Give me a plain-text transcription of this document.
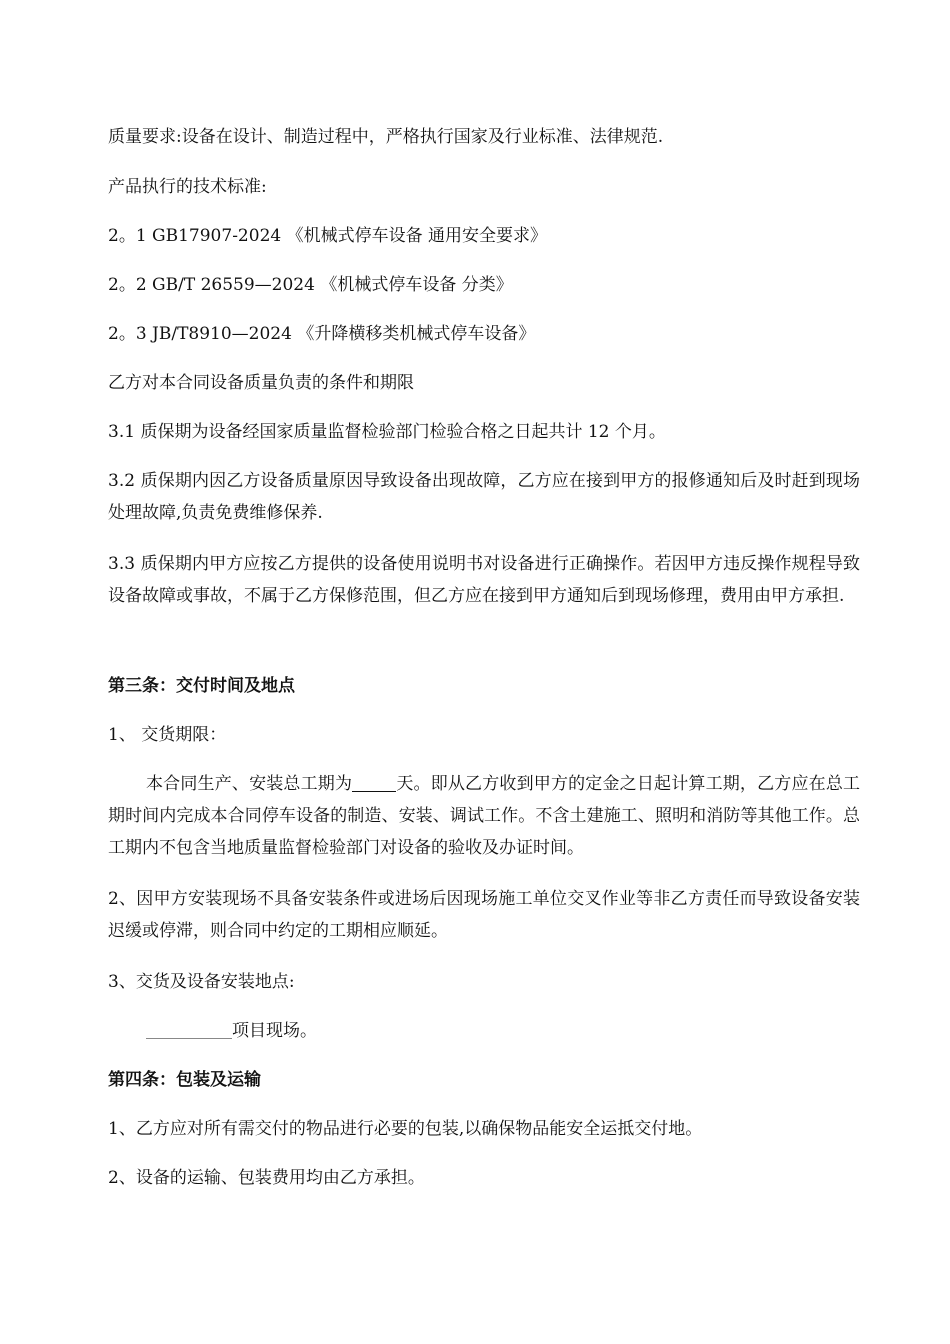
质量要求:设备在设计、制造过程中，严格执行国家及行业标准、法律规范.
产品执行的技术标准:
2。1 GB17907-2024 《机械式停车设备 通用安全要求》
2。2 GB/T 26559—2024 《机械式停车设备 分类》
2。3 JB/T8910—2024 《升降横移类机械式停车设备》
乙方对本合同设备质量负责的条件和期限
3.1 质保期为设备经国家质量监督检验部门检验合格之日起共计 12 个月。
3.2 质保期内因乙方设备质量原因导致设备出现故障，乙方应在接到甲方的报修通知后及时赶到现场处理故障,负责免费维修保养.
3.3 质保期内甲方应按乙方提供的设备使用说明书对设备进行正确操作。若因甲方违反操作规程导致设备故障或事故，不属于乙方保修范围，但乙方应在接到甲方通知后到现场修理，费用由甲方承担.
第三条：交付时间及地点
1、 交货期限：
本合同生产、安装总工期为	天。即从乙方收到甲方的定金之日起计算工期，乙方应在总工期时间内完成本合同停车设备的制造、安装、调试工作。不含土建施工、照明和消防等其他工作。总工期内不包含当地质量监督检验部门对设备的验收及办证时间。
2、因甲方安装现场不具备安装条件或进场后因现场施工单位交叉作业等非乙方责任而导致设备安装迟缓或停滞，则合同中约定的工期相应顺延。
3、交货及设备安装地点:
项目现场。
第四条：包装及运输
1、乙方应对所有需交付的物品进行必要的包装,以确保物品能安全运抵交付地。
2、设备的运输、包装费用均由乙方承担。
